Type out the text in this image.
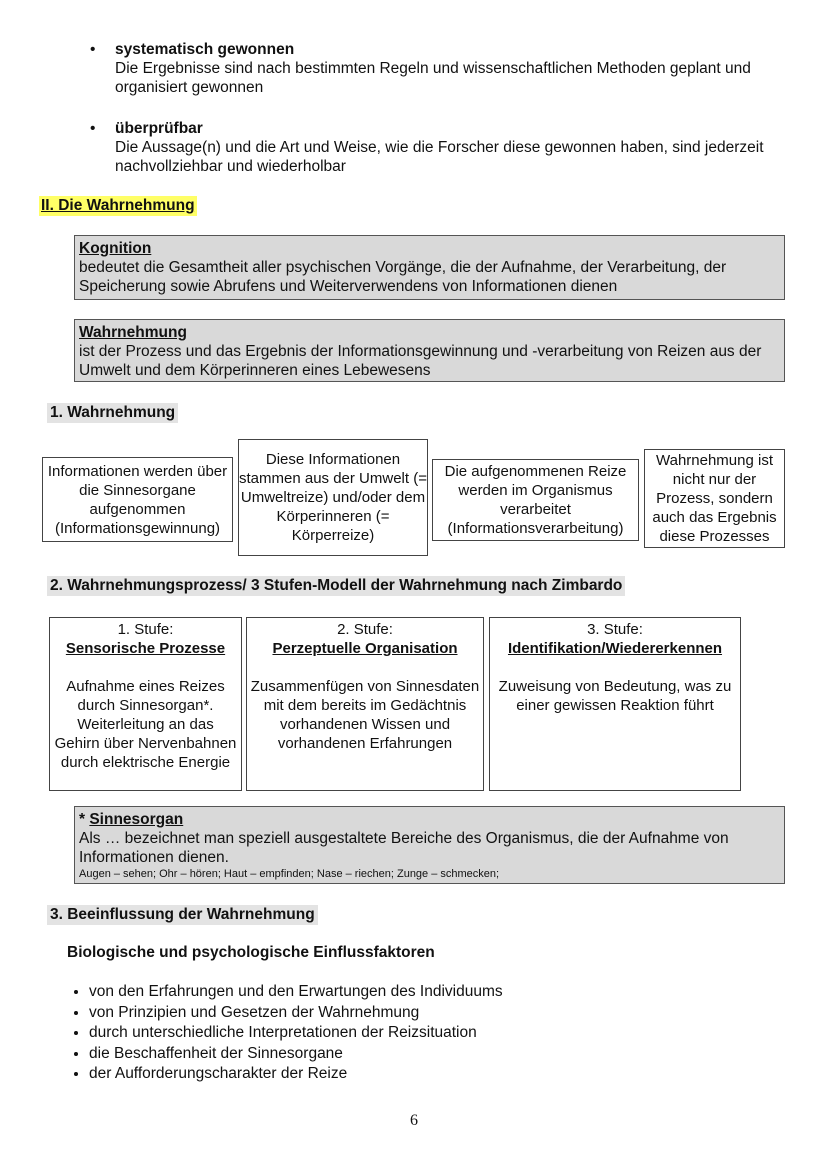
• systematisch gewonnen
Die Ergebnisse sind nach bestimmten Regeln und wissenschaftlichen Methoden geplant und organisiert gewonnen
• überprüfbar
Die Aussage(n) und die Art und Weise, wie die Forscher diese gewonnen haben, sind jederzeit nachvollziehbar und wiederholbar
II. Die Wahrnehmung
Kognition
bedeutet die Gesamtheit aller psychischen Vorgänge, die der Aufnahme, der Verarbeitung, der Speicherung sowie Abrufens und Weiterverwendens von Informationen dienen
Wahrnehmung
ist der Prozess und das Ergebnis der Informationsgewinnung und -verarbeitung von Reizen aus der Umwelt und dem Körperinneren eines Lebewesens
1. Wahrnehmung
Informationen werden über die Sinnesorgane aufgenommen (Informationsgewinnung)
Diese Informationen stammen aus der Umwelt (= Umweltreize) und/oder dem Körperinneren (= Körperreize)
Die aufgenommenen Reize werden im Organismus verarbeitet (Informationsverarbeitung)
Wahrnehmung ist nicht nur der Prozess, sondern auch das Ergebnis diese Prozesses
2. Wahrnehmungsprozess/ 3 Stufen-Modell der Wahrnehmung nach Zimbardo
1. Stufe:
Sensorische Prozesse
Aufnahme eines Reizes durch Sinnesorgan*. Weiterleitung an das Gehirn über Nervenbahnen durch elektrische Energie
2. Stufe:
Perzeptuelle Organisation
Zusammenfügen von Sinnesdaten mit dem bereits im Gedächtnis vorhandenen Wissen und vorhandenen Erfahrungen
3. Stufe:
Identifikation/Wiedererkennen
Zuweisung von Bedeutung, was zu einer gewissen Reaktion führt
* Sinnesorgan
Als … bezeichnet man speziell ausgestaltete Bereiche des Organismus, die der Aufnahme von Informationen dienen.
Augen – sehen; Ohr – hören; Haut – empfinden; Nase – riechen; Zunge – schmecken;
3. Beeinflussung der Wahrnehmung
Biologische und psychologische Einflussfaktoren
• von den Erfahrungen und den Erwartungen des Individuums
• von Prinzipien und Gesetzen der Wahrnehmung
• durch unterschiedliche Interpretationen der Reizsituation
• die Beschaffenheit der Sinnesorgane
• der Aufforderungscharakter der Reize
6
